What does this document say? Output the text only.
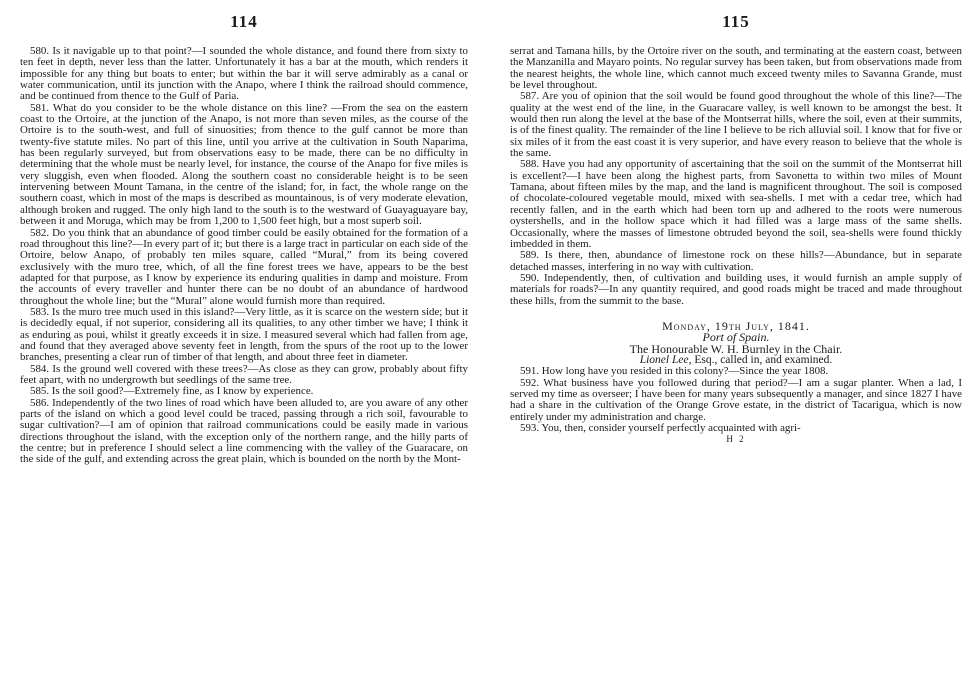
114

580. Is it navigable up to that point?—I sounded the whole distance, and found there from sixty to ten feet in depth, never less than the latter. Unfortunately it has a bar at the mouth, which renders it impossible for any thing but boats to enter; but within the bar it will serve admirably as a canal or water communication, until its junction with the Anapo, where I think the railroad should commence, and be continued from thence to the Gulf of Paria.

581. What do you consider to be the whole distance on this line? —From the sea on the eastern coast to the Ortoire, at the junction of the Anapo, is not more than seven miles, as the course of the Ortoire is to the south-west, and full of sinuosities; from thence to the gulf cannot be more than twenty-five statute miles. No part of this line, until you arrive at the cultivation in South Naparima, has been regularly surveyed, but from observations easy to be made, there can be no difficulty in determining that the whole must be nearly level, for instance, the course of the Anapo for five miles is very sluggish, even when flooded. Along the southern coast no considerable height is to be seen intervening between Mount Tamana, in the centre of the island; for, in fact, the whole range on the southern coast, which in most of the maps is described as mountainous, is of very moderate elevation, although broken and rugged. The only high land to the south is to the westward of Guayaguayare bay, between it and Moruga, which may be from 1,200 to 1,500 feet high, but a most superb soil.

582. Do you think that an abundance of good timber could be easily obtained for the formation of a road throughout this line?—In every part of it; but there is a large tract in particular on each side of the Ortoire, below Anapo, of probably ten miles square, called “Mural,” from its being covered exclusively with the muro tree, which, of all the fine forest trees we have, appears to be the best adapted for that purpose, as I know by experience its enduring qualities in damp and moisture. From the accounts of every traveller and hunter there can be no doubt of an abundance of hardwood throughout the whole line; but the “Mural” alone would furnish more than required.

583. Is the muro tree much used in this island?—Very little, as it is scarce on the western side; but it is decidedly equal, if not superior, considering all its qualities, to any other timber we have; I think it as enduring as poui, whilst it greatly exceeds it in size. I measured several which had fallen from age, and found that they averaged above seventy feet in length, from the spurs of the root up to the lower branches, presenting a clear run of timber of that length, and about three feet in diameter.

584. Is the ground well covered with these trees?—As close as they can grow, probably about fifty feet apart, with no undergrowth but seedlings of the same tree.

585. Is the soil good?—Extremely fine, as I know by experience.

586. Independently of the two lines of road which have been alluded to, are you aware of any other parts of the island on which a good level could be traced, passing through a rich soil, favourable to sugar cultivation?—I am of opinion that railroad communications could be easily made in various directions throughout the island, with the exception only of the northern range, and the hilly parts of the centre; but in preference I should select a line commencing with the valley of the Guaracare, on the side of the gulf, and extending across the great plain, which is bounded on the north by the Mont-

115

serrat and Tamana hills, by the Ortoire river on the south, and terminating at the eastern coast, between the Manzanilla and Mayaro points. No regular survey has been taken, but from observations made from the nearest heights, the whole line, which cannot much exceed twenty miles to Savanna Grande, must be level throughout.

587. Are you of opinion that the soil would be found good throughout the whole of this line?—The quality at the west end of the line, in the Guaracare valley, is well known to be amongst the best. It would then run along the level at the base of the Montserrat hills, where the soil, even at their summits, is of the finest quality. The remainder of the line I believe to be rich alluvial soil. I know that for five or six miles of it from the east coast it is very superior, and have every reason to believe that the whole is the same.

588. Have you had any opportunity of ascertaining that the soil on the summit of the Montserrat hill is excellent?—I have been along the highest parts, from Savonetta to within two miles of Mount Tamana, about fifteen miles by the map, and the land is magnificent throughout. The soil is composed of chocolate-coloured vegetable mould, mixed with sea-shells. I met with a cedar tree, which had recently fallen, and in the earth which had been torn up and adhered to the roots were numerous oystershells, and in the hollow space which it had filled was a large mass of the same shells. Occasionally, where the masses of limestone obtruded beyond the soil, sea-shells were found thickly imbedded in them.

589. Is there, then, abundance of limestone rock on these hills?—Abundance, but in separate detached masses, interfering in no way with cultivation.

590. Independently, then, of cultivation and building uses, it would furnish an ample supply of materials for roads?—In any quantity required, and good roads might be traced and made throughout these hills, from the summit to the base.

Monday, 19th July, 1841.

Port of Spain.

The Honourable W. H. Burnley in the Chair.

Lionel Lee, Esq., called in, and examined.

591. How long have you resided in this colony?—Since the year 1808.

592. What business have you followed during that period?—I am a sugar planter. When a lad, I served my time as overseer; I have been for many years subsequently a manager, and since 1827 I have had a share in the cultivation of the Orange Grove estate, in the district of Tacarigua, which is now entirely under my administration and charge.

593. You, then, consider yourself perfectly acquainted with agri-

H 2
